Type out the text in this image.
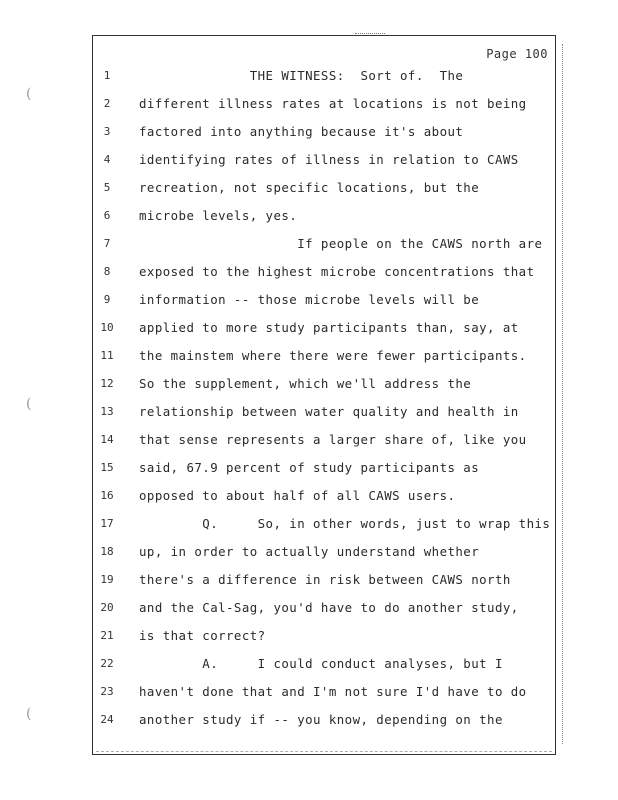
(
(
(
Page 100
1
2
3
4
5
6
7
8
9
10
11
12
13
14
15
16
17
18
19
20
21
22
23
24
THE WITNESS:  Sort of.  The
different illness rates at locations is not being
factored into anything because it's about
identifying rates of illness in relation to CAWS
recreation, not specific locations, but the
microbe levels, yes.
If people on the CAWS north are
exposed to the highest microbe concentrations that
information -- those microbe levels will be
applied to more study participants than, say, at
the mainstem where there were fewer participants.
So the supplement, which we'll address the
relationship between water quality and health in
that sense represents a larger share of, like you
said, 67.9 percent of study participants as
opposed to about half of all CAWS users.
Q.     So, in other words, just to wrap this
up, in order to actually understand whether
there's a difference in risk between CAWS north
and the Cal-Sag, you'd have to do another study,
is that correct?
A.     I could conduct analyses, but I
haven't done that and I'm not sure I'd have to do
another study if -- you know, depending on the
